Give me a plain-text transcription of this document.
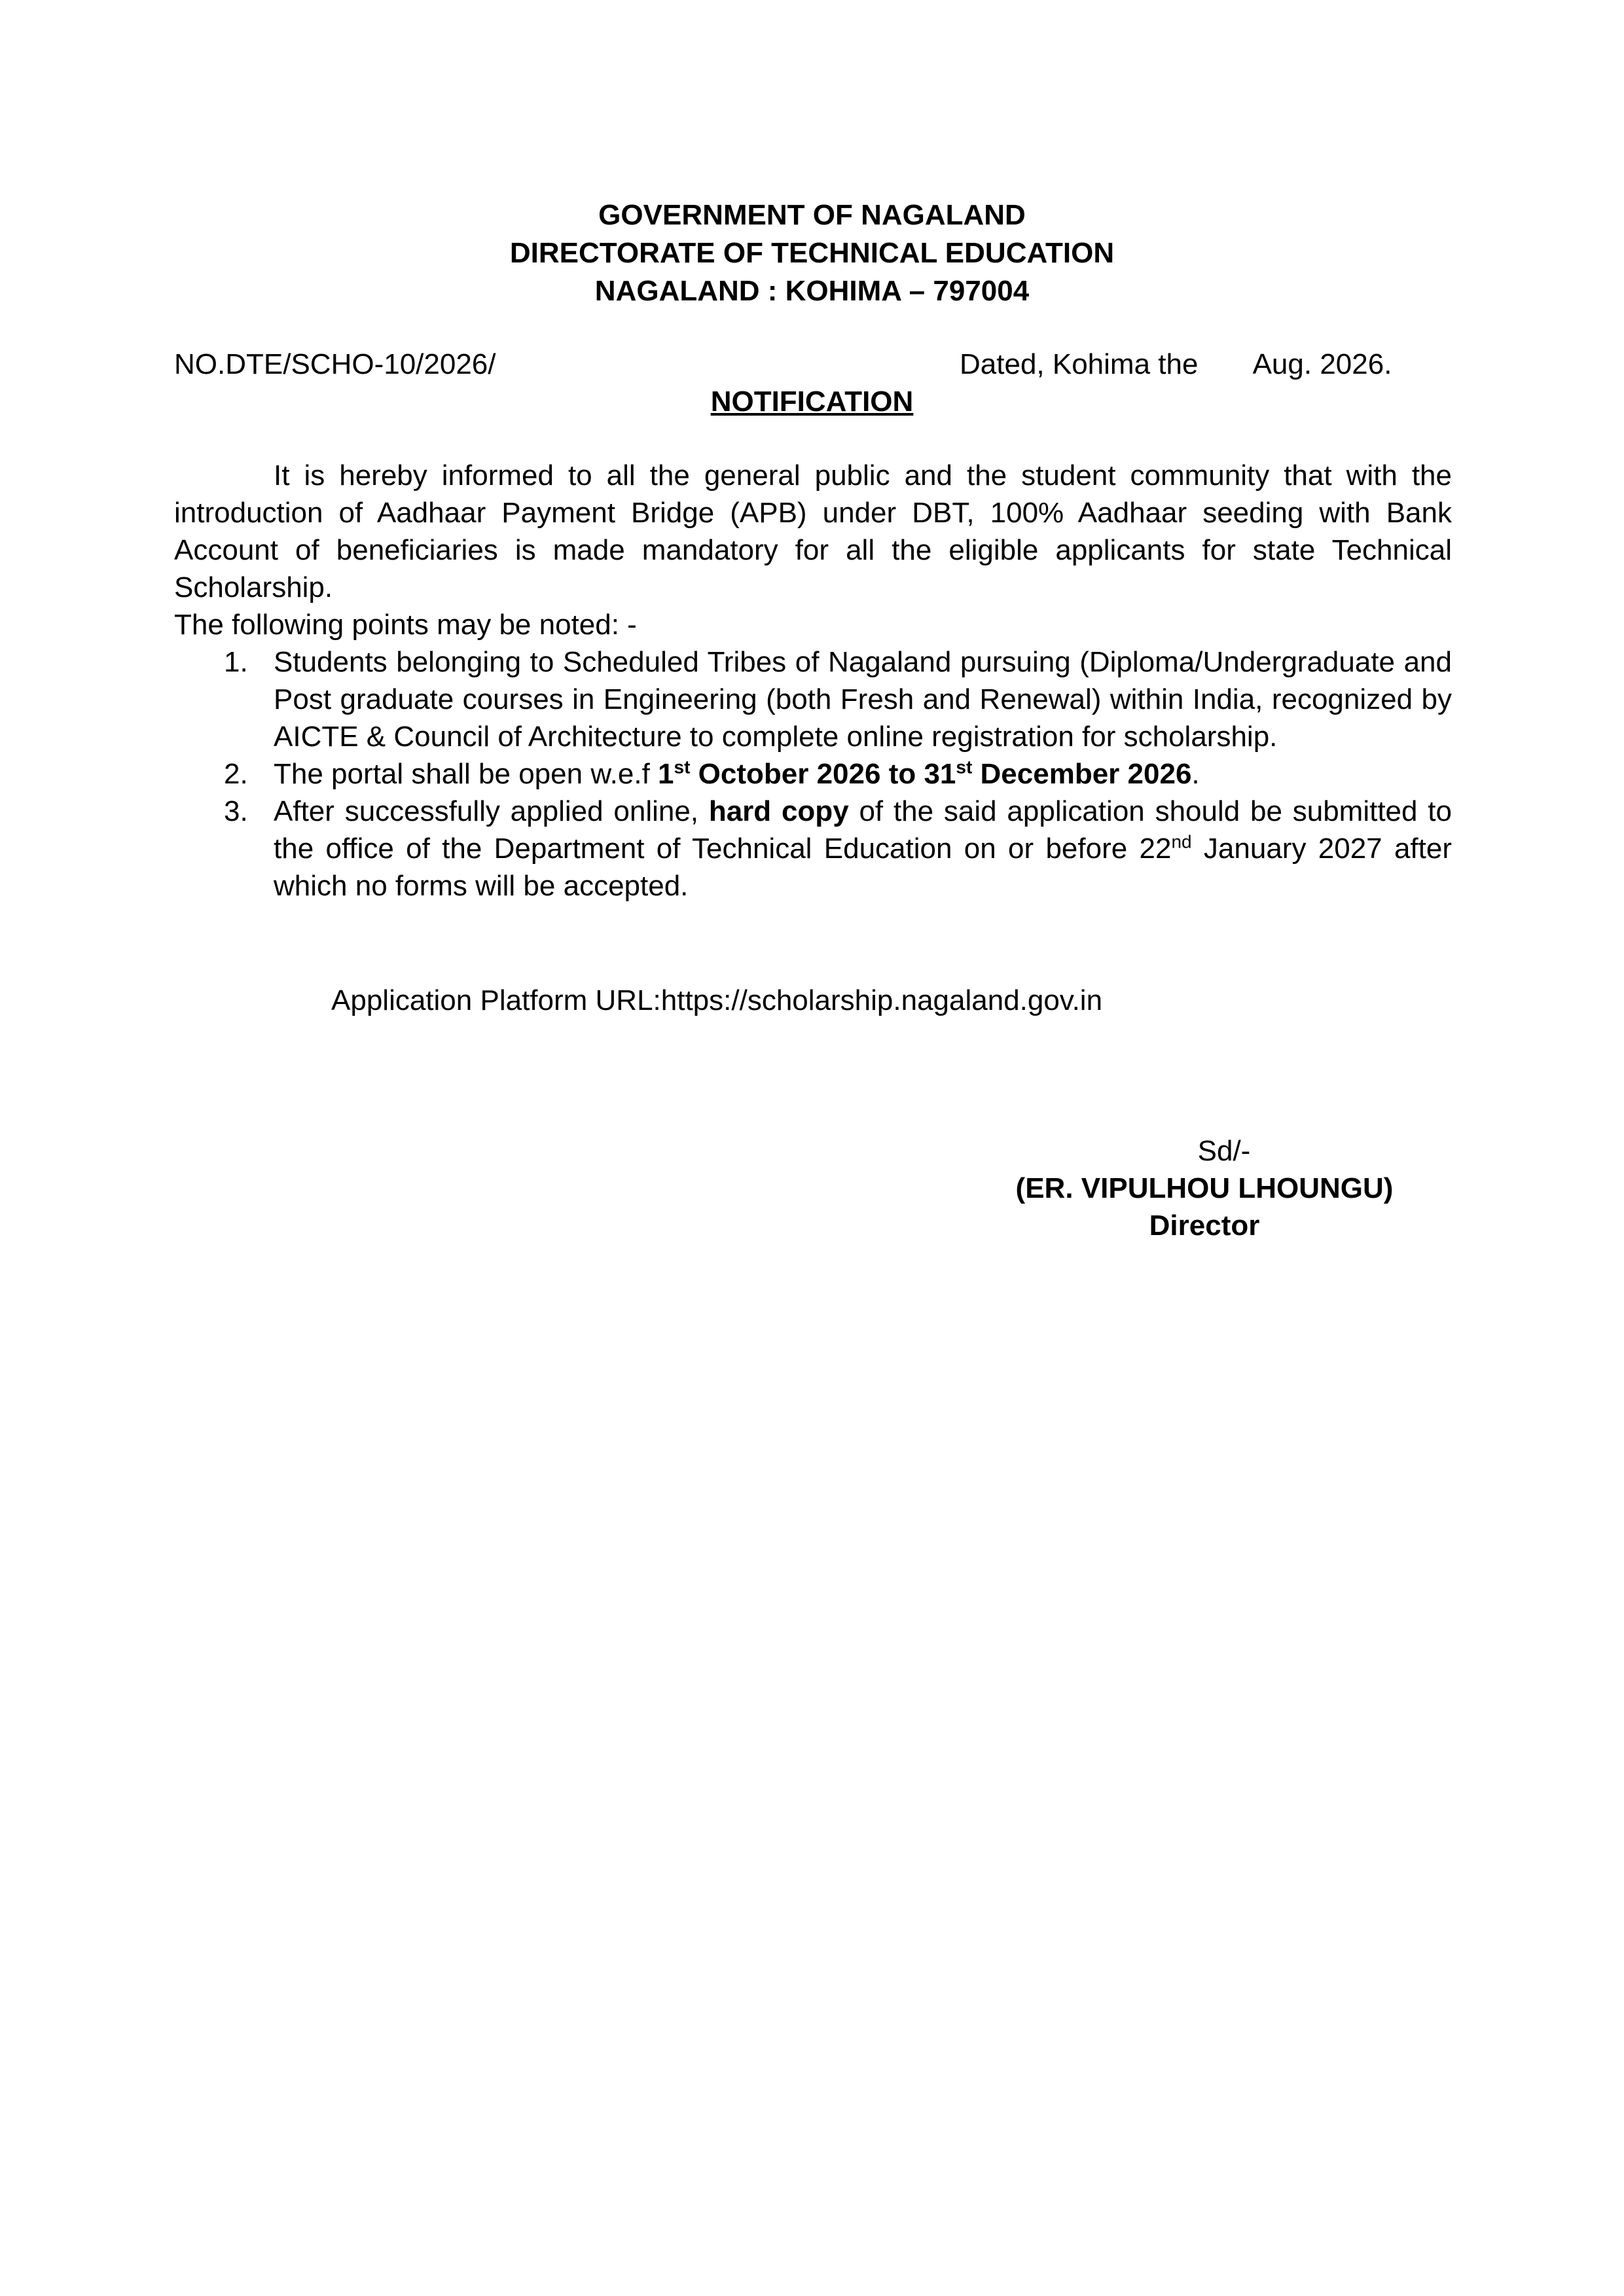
GOVERNMENT OF NAGALAND
DIRECTORATE OF TECHNICAL EDUCATION
NAGALAND : KOHIMA – 797004
NO.DTE/SCHO-10/2026/	Dated, Kohima the       Aug. 2026.
NOTIFICATION

It is hereby informed to all the general public and the student community that with the introduction of Aadhaar Payment Bridge (APB) under DBT, 100% Aadhaar seeding with Bank Account of beneficiaries is made mandatory for all the eligible applicants for state Technical Scholarship.

The following points may be noted: -

1. Students belonging to Scheduled Tribes of Nagaland pursuing (Diploma/Undergraduate and Post graduate courses in Engineering (both Fresh and Renewal) within India, recognized by AICTE & Council of Architecture to complete online registration for scholarship.
2. The portal shall be open w.e.f 1st October 2026 to 31st December 2026.
3. After successfully applied online, hard copy of the said application should be submitted to the office of the Department of Technical Education on or before 22nd January 2027 after which no forms will be accepted.
Application Platform URL:https://scholarship.nagaland.gov.in
Sd/-
(ER. VIPULHOU LHOUNGU)
Director
